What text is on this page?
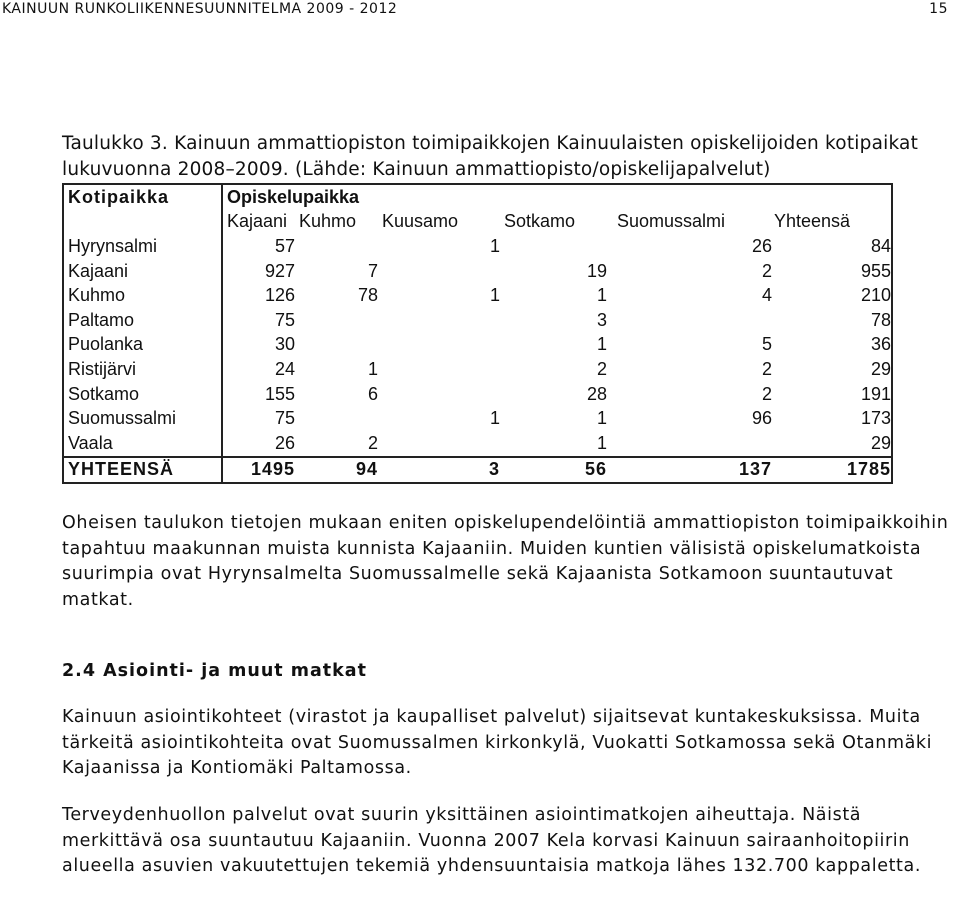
KAINUUN RUNKOLIIKENNESUUNNITELMA 2009 - 2012	15
Taulukko 3. Kainuun ammattiopiston toimipaikkojen Kainuulaisten opiskelijoiden kotipaikat lukuvuonna 2008–2009. (Lähde: Kainuun ammattiopisto/opiskelijapalvelut)
Kotipaikka	Opiskelupaikka					
	Kajaani	Kuhmo	Kuusamo	Sotkamo	Suomussalmi	Yhteensä
Hyrynsalmi	57		1		26	84
Kajaani	927	7		19	2	955
Kuhmo	126	78	1	1	4	210
Paltamo	75			3		78
Puolanka	30			1	5	36
Ristijärvi	24	1		2	2	29
Sotkamo	155	6		28	2	191
Suomussalmi	75		1	1	96	173
Vaala	26	2		1		29
YHTEENSÄ	1495	94	3	56	137	1785
Oheisen taulukon tietojen mukaan eniten opiskelupendelöintiä ammattiopiston toimipaikkoihin tapahtuu maakunnan muista kunnista Kajaaniin. Muiden kuntien välisistä opiskelumatkoista suurimpia ovat Hyrynsalmelta Suomussalmelle sekä Kajaanista Sotkamoon suuntautuvat matkat.
2.4 Asiointi- ja muut matkat
Kainuun asiointikohteet (virastot ja kaupalliset palvelut) sijaitsevat kuntakeskuksissa. Muita tärkeitä asiointikohteita ovat Suomussalmen kirkonkylä, Vuokatti Sotkamossa sekä Otanmäki Kajaanissa ja Kontiomäki Paltamossa.
Terveydenhuollon palvelut ovat suurin yksittäinen asiointimatkojen aiheuttaja. Näistä merkittävä osa suuntautuu Kajaaniin. Vuonna 2007 Kela korvasi Kainuun sairaanhoitopiirin alueella asuvien vakuutettujen tekemiä yhdensuuntaisia matkoja lähes 132.700 kappaletta.
